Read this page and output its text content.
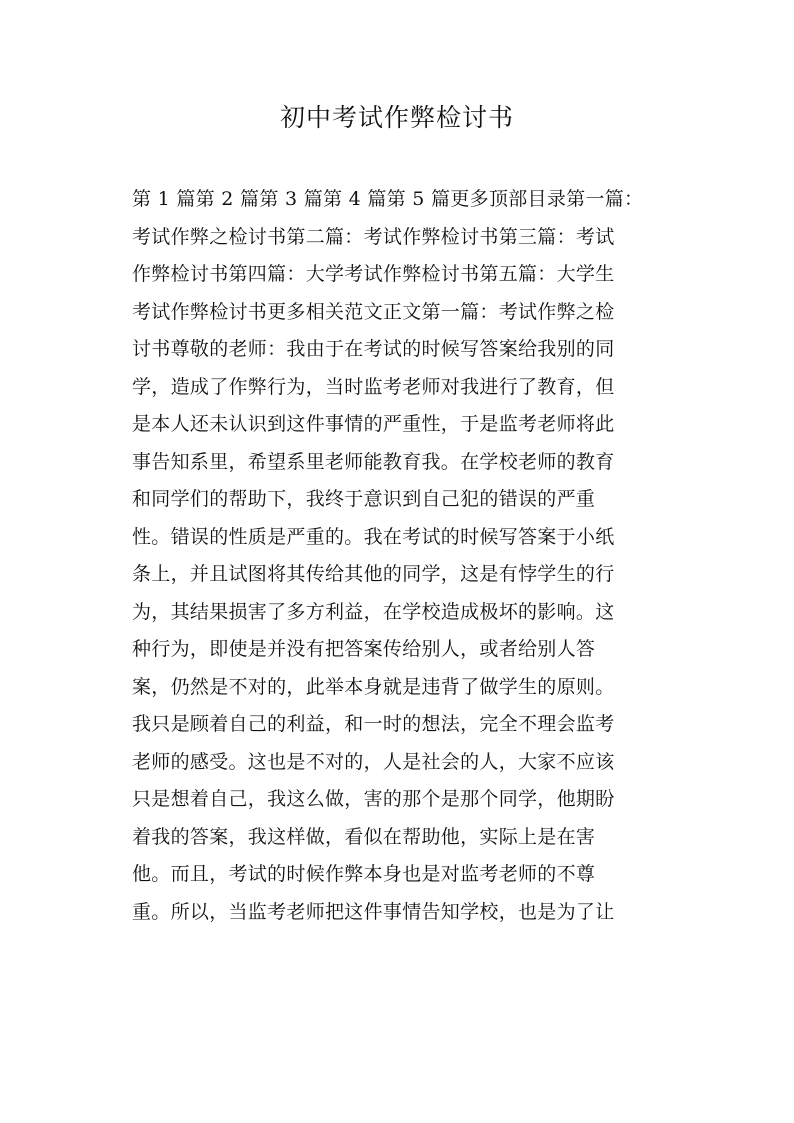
初中考试作弊检讨书
第 1 篇第 2 篇第 3 篇第 4 篇第 5 篇更多顶部目录第一篇：
考试作弊之检讨书第二篇：考试作弊检讨书第三篇：考试
作弊检讨书第四篇：大学考试作弊检讨书第五篇：大学生
考试作弊检讨书更多相关范文正文第一篇：考试作弊之检
讨书尊敬的老师：我由于在考试的时候写答案给我别的同
学，造成了作弊行为，当时监考老师对我进行了教育，但
是本人还未认识到这件事情的严重性，于是监考老师将此
事告知系里，希望系里老师能教育我。在学校老师的教育
和同学们的帮助下，我终于意识到自己犯的错误的严重
性。错误的性质是严重的。我在考试的时候写答案于小纸
条上，并且试图将其传给其他的同学，这是有悖学生的行
为，其结果损害了多方利益，在学校造成极坏的影响。这
种行为，即使是并没有把答案传给别人，或者给别人答
案，仍然是不对的，此举本身就是违背了做学生的原则。
我只是顾着自己的利益，和一时的想法，完全不理会监考
老师的感受。这也是不对的，人是社会的人，大家不应该
只是想着自己，我这么做，害的那个是那个同学，他期盼
着我的答案，我这样做，看似在帮助他，实际上是在害
他。而且，考试的时候作弊本身也是对监考老师的不尊
重。所以，当监考老师把这件事情告知学校，也是为了让
